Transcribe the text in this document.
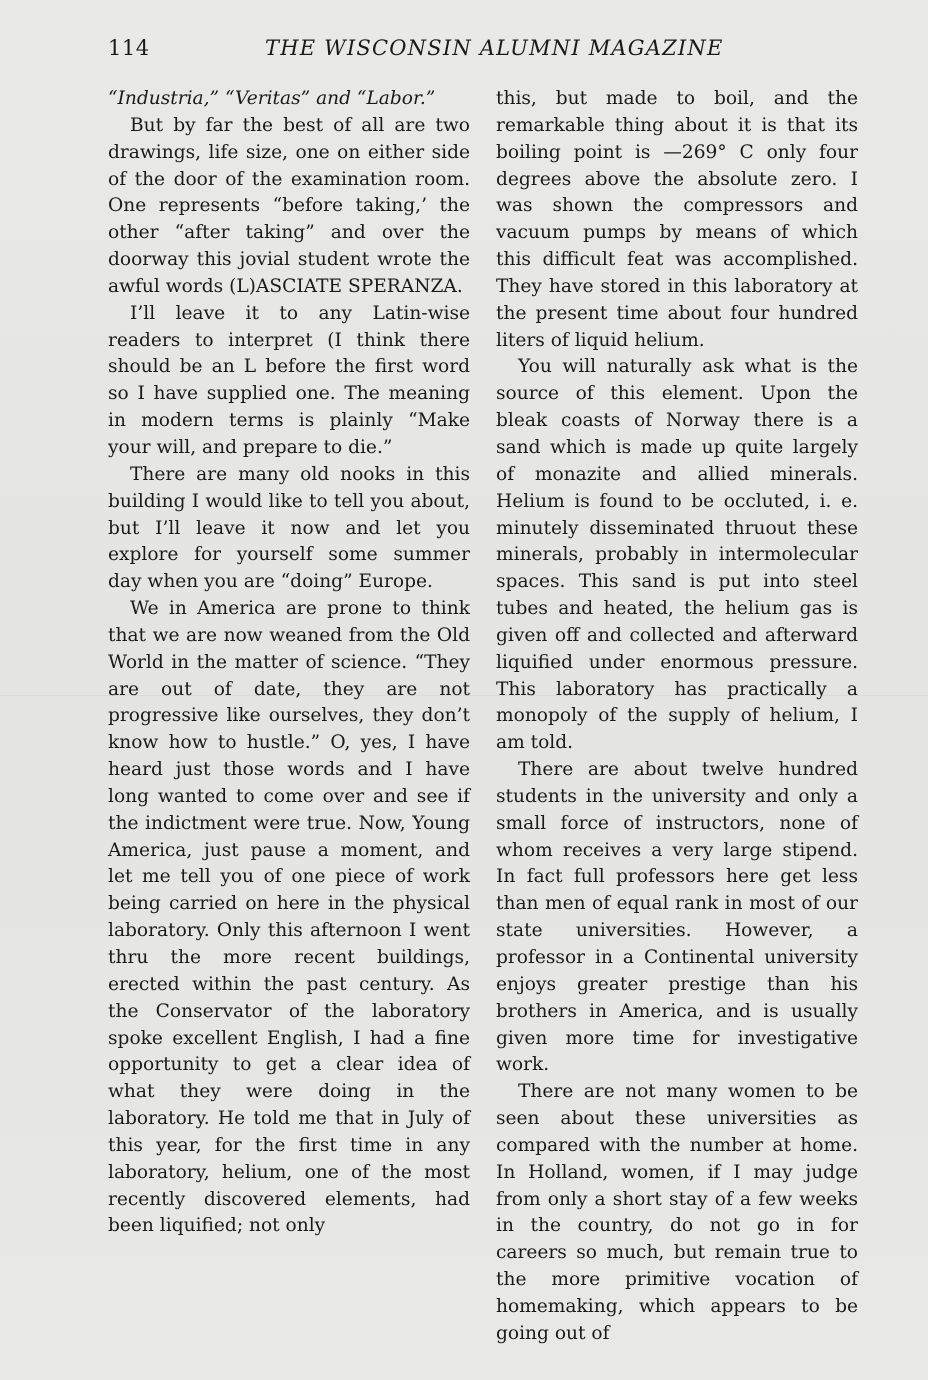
114	THE WISCONSIN ALUMNI MAGAZINE

“Industria,” “Veritas” and “Labor.”

But by far the best of all are two drawings, life size, one on either side of the door of the examination room. One represents “before taking,’ the other “after taking” and over the doorway this jovial student wrote the awful words (L)ASCIATE SPERANZA.

I’ll leave it to any Latin-wise readers to interpret (I think there should be an L before the first word so I have supplied one. The meaning in modern terms is plainly “Make your will, and prepare to die.”

There are many old nooks in this building I would like to tell you about, but I’ll leave it now and let you explore for yourself some summer day when you are “doing” Europe.

We in America are prone to think that we are now weaned from the Old World in the matter of science. “They are out of date, they are not progressive like ourselves, they don’t know how to hustle.” O, yes, I have heard just those words and I have long wanted to come over and see if the indictment were true. Now, Young America, just pause a moment, and let me tell you of one piece of work being carried on here in the physical laboratory. Only this afternoon I went thru the more recent buildings, erected within the past century. As the Conservator of the laboratory spoke excellent English, I had a fine opportunity to get a clear idea of what they were doing in the laboratory. He told me that in July of this year, for the first time in any laboratory, helium, one of the most recently discovered elements, had been liquified; not only

this, but made to boil, and the remarkable thing about it is that its boiling point is —269° C only four degrees above the absolute zero. I was shown the compressors and vacuum pumps by means of which this difficult feat was accomplished. They have stored in this laboratory at the present time about four hundred liters of liquid helium.

You will naturally ask what is the source of this element. Upon the bleak coasts of Norway there is a sand which is made up quite largely of monazite and allied minerals. Helium is found to be occluted, i. e. minutely disseminated thruout these minerals, probably in intermolecular spaces. This sand is put into steel tubes and heated, the helium gas is given off and collected and afterward liquified under enormous pressure. This laboratory has practically a monopoly of the supply of helium, I am told.

There are about twelve hundred students in the university and only a small force of instructors, none of whom receives a very large stipend. In fact full professors here get less than men of equal rank in most of our state universities. However, a professor in a Continental university enjoys greater prestige than his brothers in America, and is usually given more time for investigative work.

There are not many women to be seen about these universities as compared with the number at home. In Holland, women, if I may judge from only a short stay of a few weeks in the country, do not go in for careers so much, but remain true to the more primitive vocation of homemaking, which appears to be going out of
